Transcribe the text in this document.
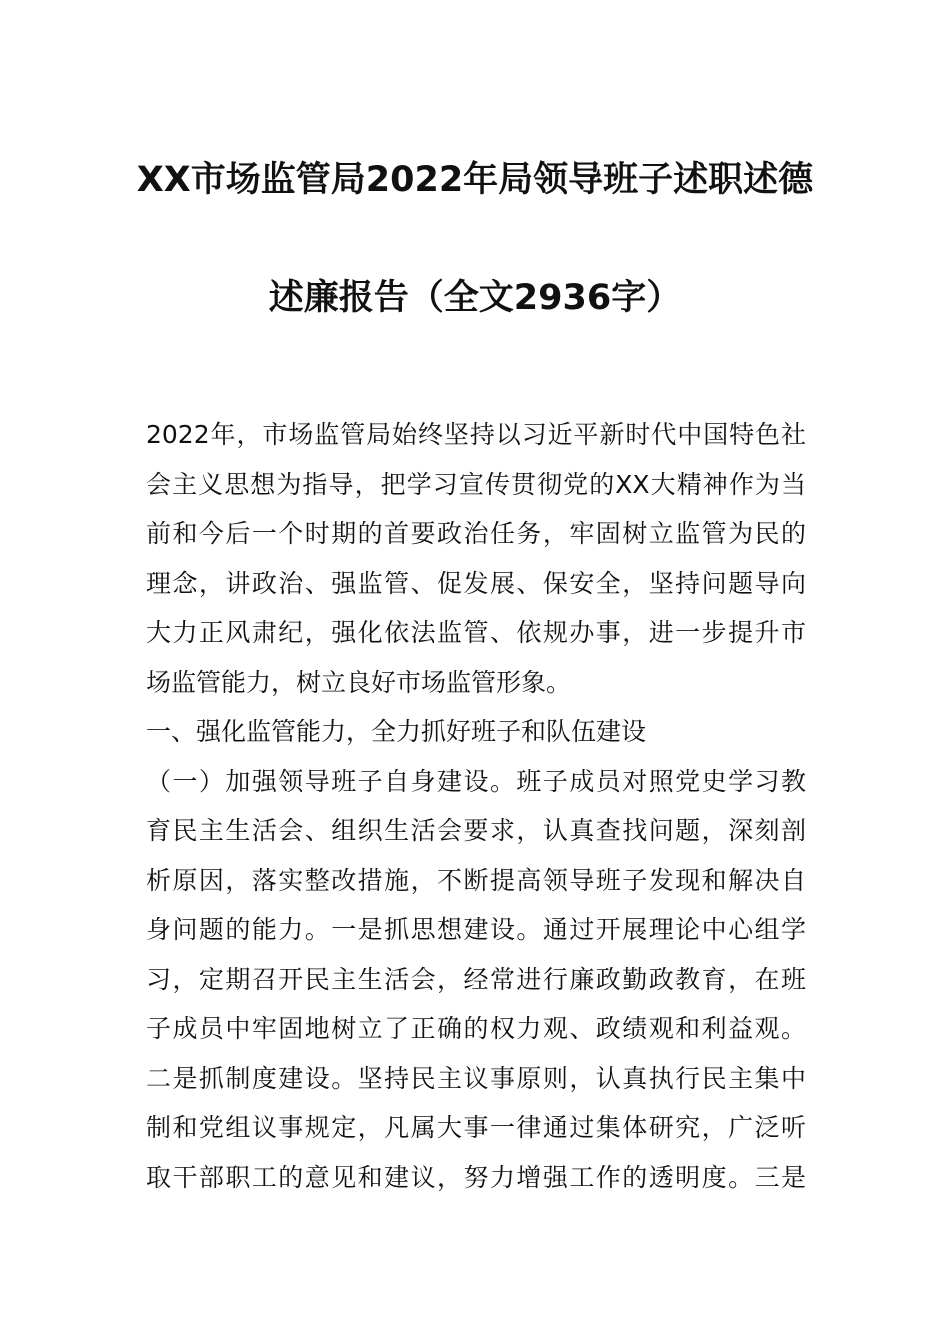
XX市场监管局2022年局领导班子述职述德
述廉报告（全文2936字）
2022年，市场监管局始终坚持以习近平新时代中国特色社
会主义思想为指导，把学习宣传贯彻党的XX大精神作为当
前和今后一个时期的首要政治任务，牢固树立监管为民的
理念，讲政治、强监管、促发展、保安全，坚持问题导向
大力正风肃纪，强化依法监管、依规办事，进一步提升市
场监管能力，树立良好市场监管形象。
一、强化监管能力，全力抓好班子和队伍建设
（一）加强领导班子自身建设。班子成员对照党史学习教
育民主生活会、组织生活会要求，认真查找问题，深刻剖
析原因，落实整改措施，不断提高领导班子发现和解决自
身问题的能力。一是抓思想建设。通过开展理论中心组学
习，定期召开民主生活会，经常进行廉政勤政教育，在班
子成员中牢固地树立了正确的权力观、政绩观和利益观。
二是抓制度建设。坚持民主议事原则，认真执行民主集中
制和党组议事规定，凡属大事一律通过集体研究，广泛听
取干部职工的意见和建议，努力增强工作的透明度。三是
